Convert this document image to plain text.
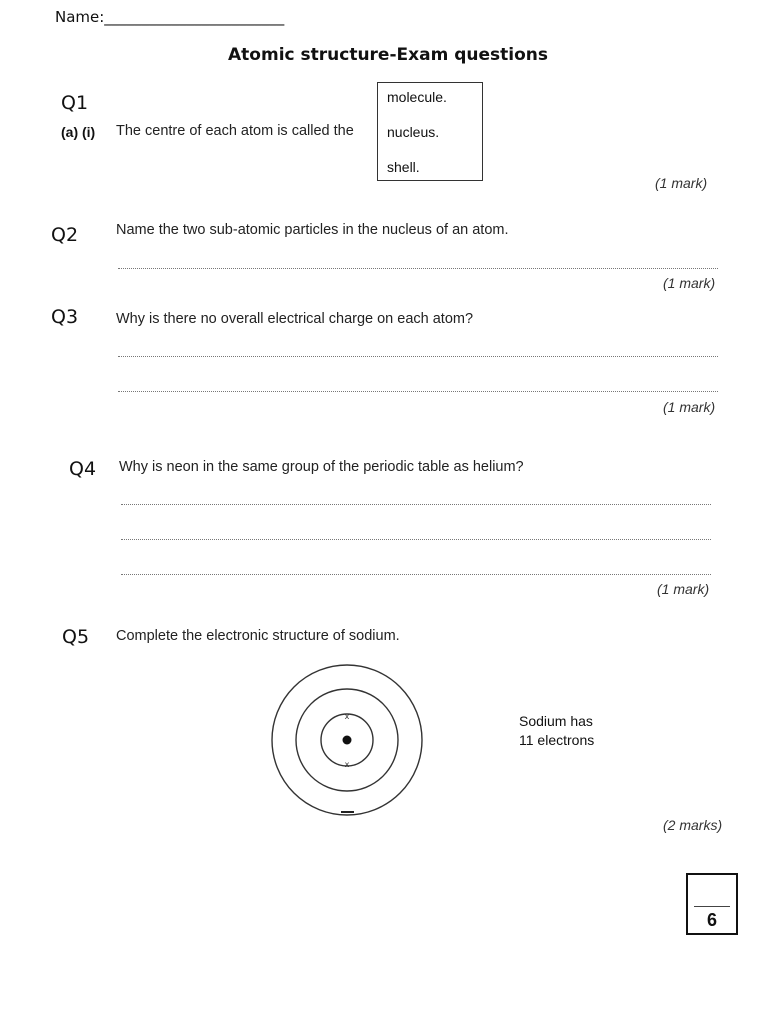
Name:________________________
Atomic structure-Exam questions
Q1
(a) (i) The centre of each atom is called the
molecule.
nucleus.
shell.
(1 mark)
Q2	Name the two sub-atomic particles in the nucleus of an atom.
(1 mark)
Q3	Why is there no overall electrical charge on each atom?
(1 mark)
Q4 Why is neon in the same group of the periodic table as helium?
(1 mark)
Q5 Complete the electronic structure of sodium.
x
x
Sodium has
11 electrons
(2 marks)
6
